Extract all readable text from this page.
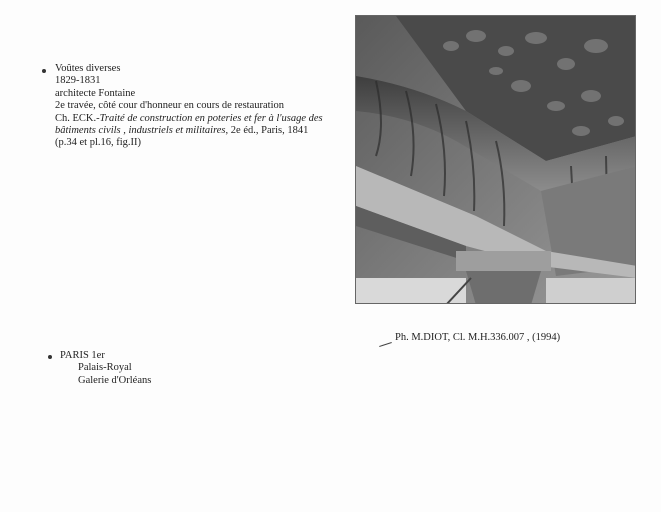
Voûtes diverses
1829-1831
architecte Fontaine
2e travée, côté cour d'honneur en cours de restauration
Ch. ECK.-Traité de construction en poteries et fer à l'usage des
bâtiments civils , industriels et militaires, 2e éd., Paris, 1841
(p.34 et pl.16, fig.II)
Ph. M.DIOT, Cl. M.H.336.007 , (1994)
PARIS 1er
Palais-Royal
Galerie d'Orléans
